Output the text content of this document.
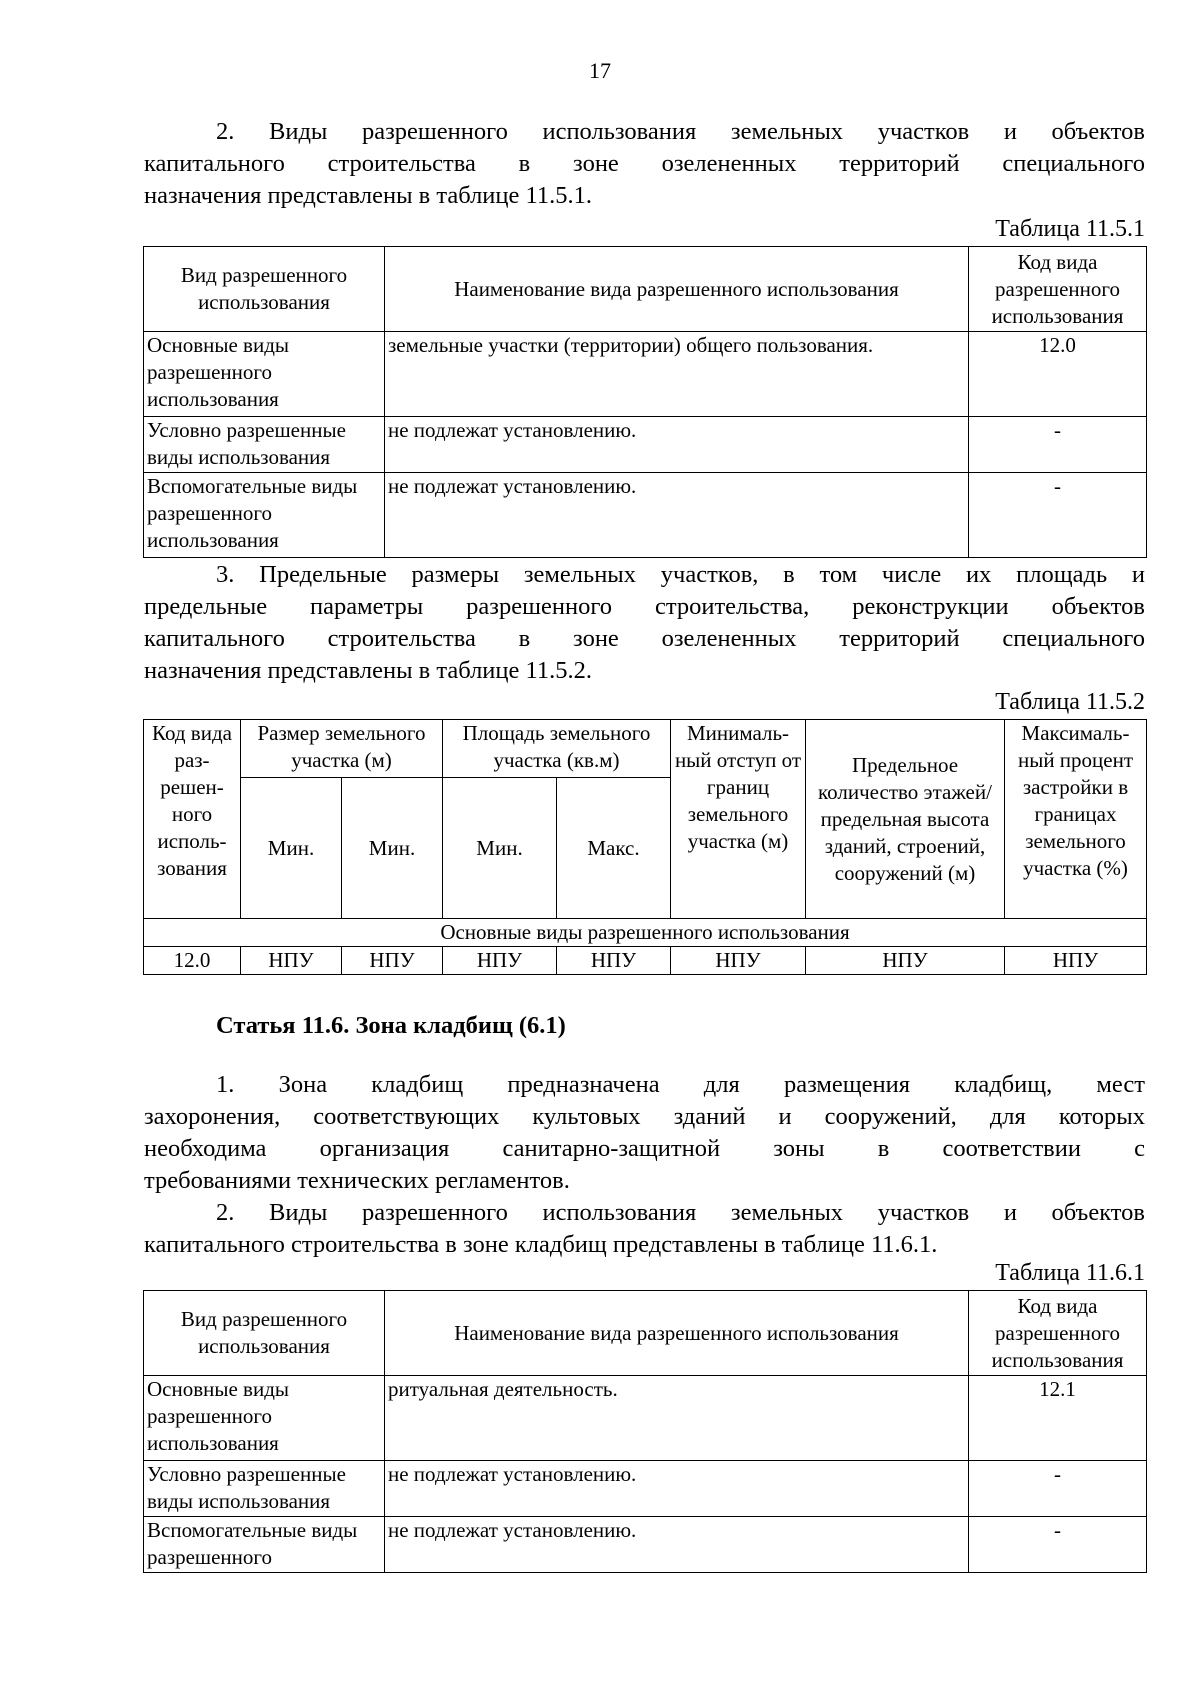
17
2. Виды разрешенного использования земельных участков и объектов
капитального строительства в зоне озелененных территорий специального
назначения представлены в таблице 11.5.1.
Таблица 11.5.1
Вид разрешенного использования	Наименование вида разрешенного использования	Код вида разрешенного использования
Основные виды разрешенного использования	земельные участки (территории) общего пользования.	12.0
Условно разрешенные виды использования	не подлежат установлению.	-
Вспомогательные виды разрешенного использования	не подлежат установлению.	-
3. Предельные размеры земельных участков, в том числе их площадь и
предельные параметры разрешенного строительства, реконструкции объектов
капитального строительства в зоне озелененных территорий специального
назначения представлены в таблице 11.5.2.
Таблица 11.5.2
Код вида раз-решен-ного исполь-зования	Размер земельного участка (м)		Площадь земельного участка (кв.м)		Минималь-ный отступ от границ земельного участка (м)	Предельное количество этажей/ предельная высота зданий, строений, сооружений (м)	Максималь-ный процент застройки в границах земельного участка (%)
	Мин.	Мин.	Мин.	Макс.			
Основные виды разрешенного использования							
12.0	НПУ	НПУ	НПУ	НПУ	НПУ	НПУ	НПУ
Статья 11.6. Зона кладбищ (6.1)
1. Зона кладбищ предназначена для размещения кладбищ, мест
захоронения, соответствующих культовых зданий и сооружений, для которых
необходима организация санитарно-защитной зоны в соответствии с
требованиями технических регламентов.
2. Виды разрешенного использования земельных участков и объектов
капитального строительства в зоне кладбищ представлены в таблице 11.6.1.
Таблица 11.6.1
Вид разрешенного использования	Наименование вида разрешенного использования	Код вида разрешенного использования
Основные виды разрешенного использования	ритуальная деятельность.	12.1
Условно разрешенные виды использования	не подлежат установлению.	-
Вспомогательные виды разрешенного	не подлежат установлению.	-
